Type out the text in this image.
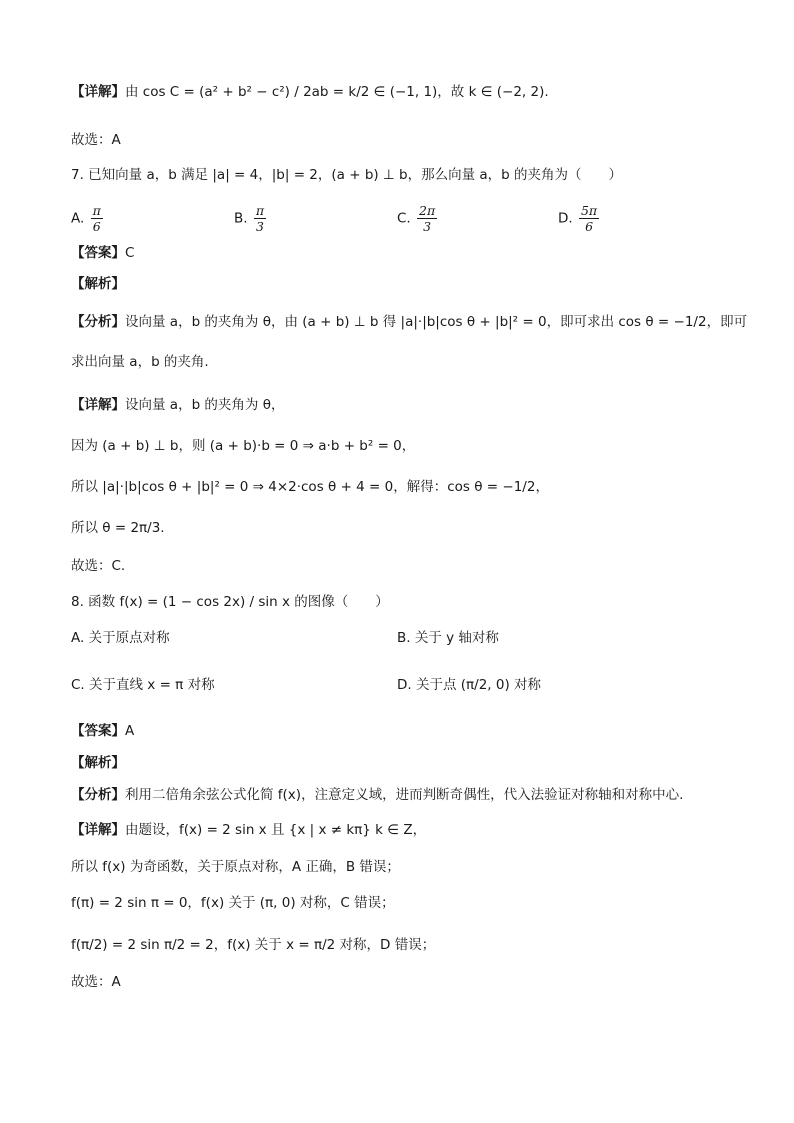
【详解】由 cos C = (a² + b² − c²) / 2ab = k/2 ∈ (−1, 1)，故 k ∈ (−2, 2).
故选：A
7. 已知向量 a，b 满足 |a| = 4，|b| = 2，(a + b) ⊥ b，那么向量 a，b 的夹角为（　　）
A. $\frac{\pi}{6}$	B. $\frac{\pi}{3}$	C. $\frac{2\pi}{3}$	D. $\frac{5\pi}{6}$
【答案】C
【解析】
【分析】设向量 a，b 的夹角为 θ，由 (a + b) ⊥ b 得 |a|·|b|cos θ + |b|² = 0，即可求出 cos θ = −1/2，即可
求出向量 a，b 的夹角.
【详解】设向量 a，b 的夹角为 θ，
因为 (a + b) ⊥ b，则 (a + b)·b = 0 ⇒ a·b + b² = 0，
所以 |a|·|b|cos θ + |b|² = 0 ⇒ 4×2·cos θ + 4 = 0，解得：cos θ = −1/2，
所以 θ = 2π/3.
故选：C.
8. 函数 f(x) = (1 − cos 2x) / sin x 的图像（　　）
A. 关于原点对称	B. 关于 y 轴对称
C. 关于直线 x = π 对称	D. 关于点 (π/2, 0) 对称
【答案】A
【解析】
【分析】利用二倍角余弦公式化简 f(x)，注意定义域，进而判断奇偶性，代入法验证对称轴和对称中心.
【详解】由题设，f(x) = 2 sin x 且 {x | x ≠ kπ} k ∈ Z，
所以 f(x) 为奇函数，关于原点对称，A 正确，B 错误；
f(π) = 2 sin π = 0，f(x) 关于 (π, 0) 对称，C 错误；
f(π/2) = 2 sin π/2 = 2，f(x) 关于 x = π/2 对称，D 错误；
故选：A
